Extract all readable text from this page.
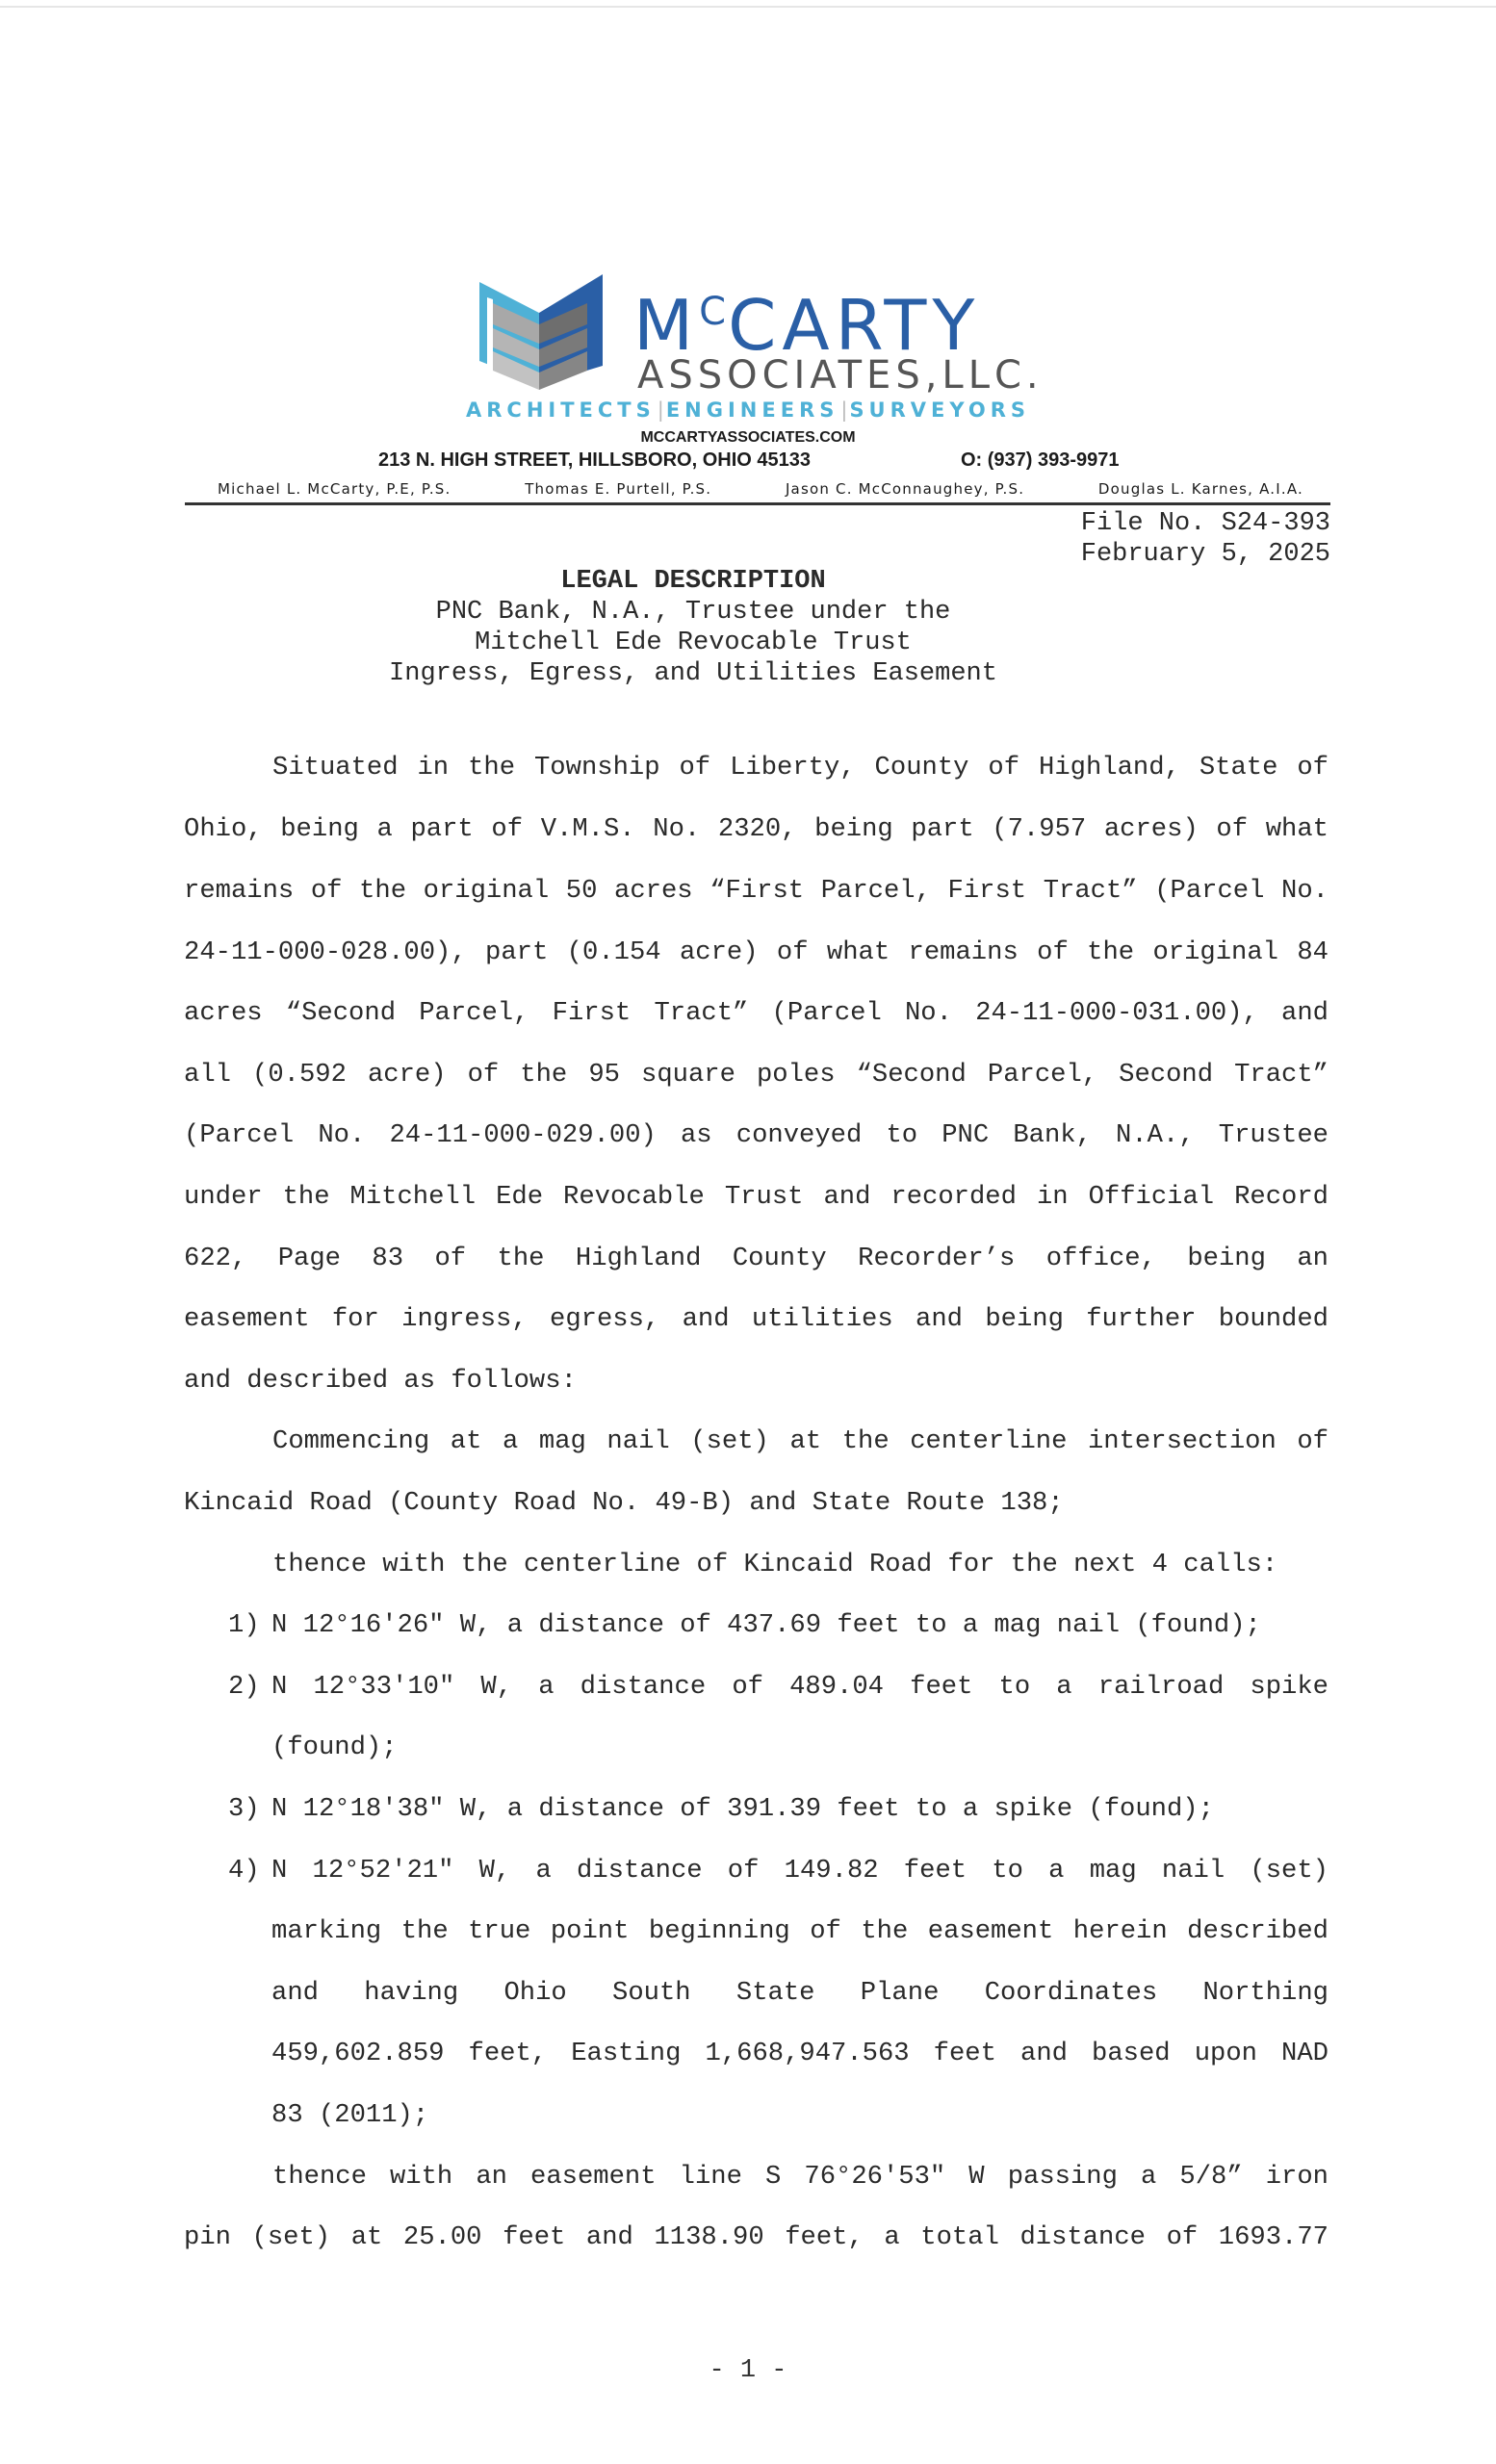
$M^CCARTY$
ASSOCIATES,LLC.
ARCHITECTS|ENGINEERS|SURVEYORS
MCCARTYASSOCIATES.COM
213 N. HIGH STREET, HILLSBORO, OHIO 45133	O: (937) 393-9971
Michael L. McCarty, P.E, P.S.	Thomas E. Purtell, P.S.	Jason C. McConnaughey, P.S.	Douglas L. Karnes, A.I.A.
File No. S24-393
February 5, 2025
LEGAL DESCRIPTION
PNC Bank, N.A., Trustee under the
Mitchell Ede Revocable Trust
Ingress, Egress, and Utilities Easement
Situated in the Township of Liberty, County of Highland, State of
Ohio, being a part of V.M.S. No. 2320, being part (7.957 acres) of what
remains of the original 50 acres “First Parcel, First Tract” (Parcel No.
24-11-000-028.00), part (0.154 acre) of what remains of the original 84
acres “Second Parcel, First Tract” (Parcel No. 24-11-000-031.00), and
all (0.592 acre) of the 95 square poles “Second Parcel, Second Tract”
(Parcel No. 24-11-000-029.00) as conveyed to PNC Bank, N.A., Trustee
under the Mitchell Ede Revocable Trust and recorded in Official Record
622, Page 83 of the Highland County Recorder’s office, being an
easement for ingress, egress, and utilities and being further bounded
and described as follows:
Commencing at a mag nail (set) at the centerline intersection of
Kincaid Road (County Road No. 49-B) and State Route 138;
thence with the centerline of Kincaid Road for the next 4 calls:
1) N 12°16'26" W, a distance of 437.69 feet to a mag nail (found);
2) N 12°33'10" W, a distance of 489.04 feet to a railroad spike
(found);
3) N 12°18'38" W, a distance of 391.39 feet to a spike (found);
4) N 12°52'21" W, a distance of 149.82 feet to a mag nail (set)
marking the true point beginning of the easement herein described
and having Ohio South State Plane Coordinates Northing
459,602.859 feet, Easting 1,668,947.563 feet and based upon NAD
83 (2011);
thence with an easement line S 76°26'53" W passing a 5/8” iron
pin (set) at 25.00 feet and 1138.90 feet, a total distance of 1693.77
- 1 -
